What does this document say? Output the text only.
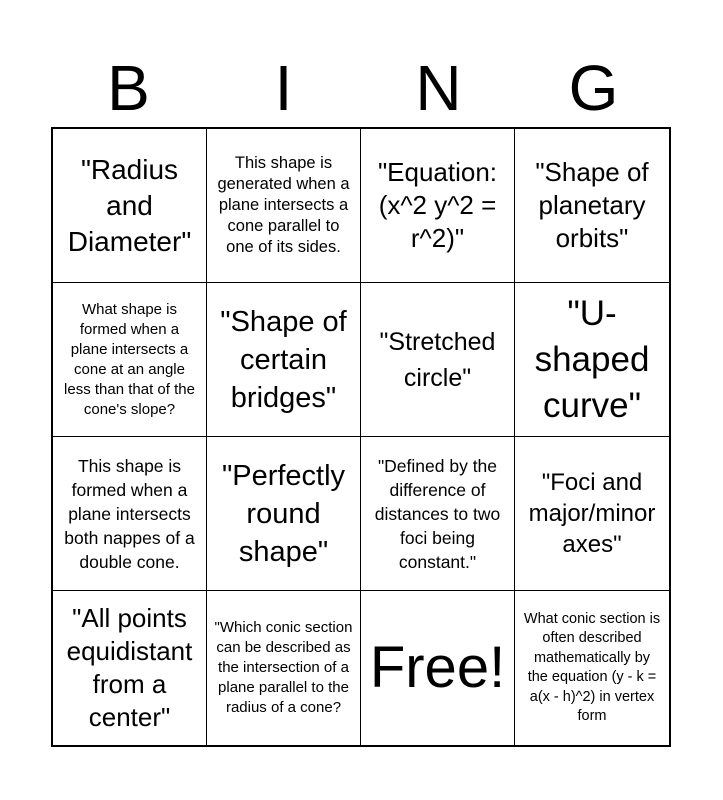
B	I	N	G
"Radius and Diameter"
This shape is generated when a plane intersects a cone parallel to one of its sides.
"Equation: (x^2 y^2 = r^2)"
"Shape of planetary orbits"
What shape is formed when a plane intersects a cone at an angle less than that of the cone's slope?
"Shape of certain bridges"
"Stretched circle"
"U-shaped curve"
This shape is formed when a plane intersects both nappes of a double cone.
"Perfectly round shape"
"Defined by the difference of distances to two foci being constant."
"Foci and major/minor axes"
"All points equidistant from a center"
"Which conic section can be described as the intersection of a plane parallel to the radius of a cone?
Free!
What conic section is often described mathematically by the equation (y - k = a(x - h)^2) in vertex form
